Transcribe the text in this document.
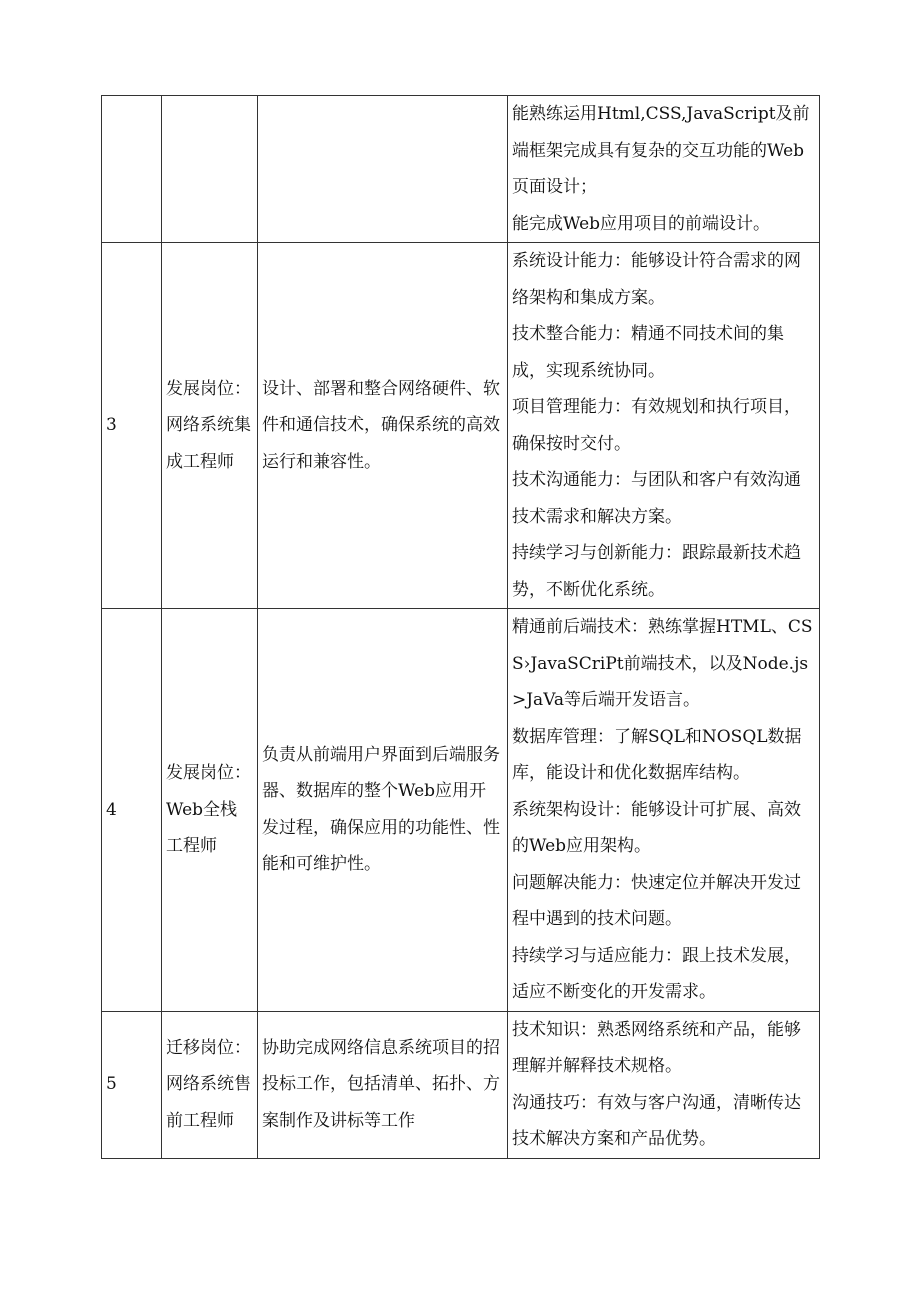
			能熟练运用Html,CSS,JavaScript及前端框架完成具有复杂的交互功能的Web页面设计；
能完成Web应用项目的前端设计。

3	发展岗位：网络系统集成工程师	设计、部署和整合网络硬件、软件和通信技术，确保系统的高效运行和兼容性。	系统设计能力：能够设计符合需求的网络架构和集成方案。
技术整合能力：精通不同技术间的集成，实现系统协同。
项目管理能力：有效规划和执行项目，确保按时交付。
技术沟通能力：与团队和客户有效沟通技术需求和解决方案。
持续学习与创新能力：跟踪最新技术趋势，不断优化系统。

4	发展岗位：Web全栈工程师	负责从前端用户界面到后端服务器、数据库的整个Web应用开发过程，确保应用的功能性、性能和可维护性。	精通前后端技术：熟练掌握HTML、CSS›JavaSCriPt前端技术，以及Node.js>JaVa等后端开发语言。
数据库管理：了解SQL和NOSQL数据库，能设计和优化数据库结构。
系统架构设计：能够设计可扩展、高效的Web应用架构。
问题解决能力：快速定位并解决开发过程中遇到的技术问题。
持续学习与适应能力：跟上技术发展，适应不断变化的开发需求。

5	迁移岗位：网络系统售前工程师	协助完成网络信息系统项目的招投标工作，包括清单、拓扑、方案制作及讲标等工作	技术知识：熟悉网络系统和产品，能够理解并解释技术规格。
沟通技巧：有效与客户沟通，清晰传达技术解决方案和产品优势。
